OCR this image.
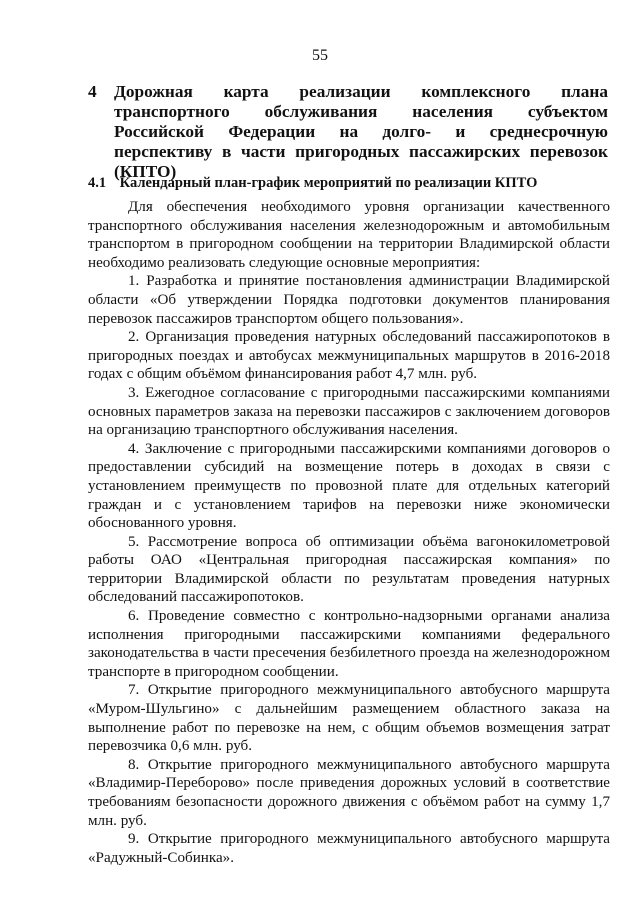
55
4 Дорожная карта реализации комплексного плана транспортного обслуживания населения субъектом Российской Федерации на долго- и среднесрочную перспективу в части пригородных пассажирских перевозок (КПТО)
4.1 Календарный план-график мероприятий по реализации КПТО

Для обеспечения необходимого уровня организации качественного транспортного обслуживания населения железнодорожным и автомобильным транспортом в пригородном сообщении на территории Владимирской области необходимо реализовать следующие основные мероприятия:

1. Разработка и принятие постановления администрации Владимирской области «Об утверждении Порядка подготовки документов планирования перевозок пассажиров транспортом общего пользования».

2. Организация проведения натурных обследований пассажиропотоков в пригородных поездах и автобусах межмуниципальных маршрутов в 2016-2018 годах с общим объёмом финансирования работ 4,7 млн. руб.

3. Ежегодное согласование с пригородными пассажирскими компаниями основных параметров заказа на перевозки пассажиров с заключением договоров на организацию транспортного обслуживания населения.

4. Заключение с пригородными пассажирскими компаниями договоров о предоставлении субсидий на возмещение потерь в доходах в связи с установлением преимуществ по провозной плате для отдельных категорий граждан и с установлением тарифов на перевозки ниже экономически обоснованного уровня.

5. Рассмотрение вопроса об оптимизации объёма вагонокилометровой работы ОАО «Центральная пригородная пассажирская компания» по территории Владимирской области по результатам проведения натурных обследований пассажиропотоков.

6. Проведение совместно с контрольно-надзорными органами анализа исполнения пригородными пассажирскими компаниями федерального законодательства в части пресечения безбилетного проезда на железнодорожном транспорте в пригородном сообщении.

7. Открытие пригородного межмуниципального автобусного маршрута «Муром-Шульгино» с дальнейшим размещением областного заказа на выполнение работ по перевозке на нем, с общим объемов возмещения затрат перевозчика 0,6 млн. руб.

8. Открытие пригородного межмуниципального автобусного маршрута «Владимир-Переборово» после приведения дорожных условий в соответствие требованиям безопасности дорожного движения с объёмом работ на сумму 1,7 млн. руб.

9. Открытие пригородного межмуниципального автобусного маршрута «Радужный-Собинка».
